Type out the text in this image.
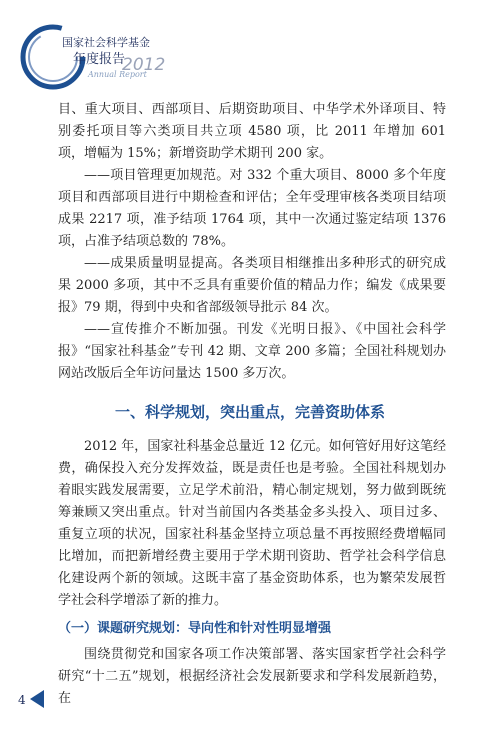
国家社会科学基金
年度报告
2012
Annual Report

目、重大项目、西部项目、后期资助项目、中华学术外译项目、特别委托项目等六类项目共立项 4580 项，比 2011 年增加 601 项，增幅为 15%；新增资助学术期刊 200 家。

——项目管理更加规范。对 332 个重大项目、8000 多个年度项目和西部项目进行中期检查和评估；全年受理审核各类项目结项成果 2217 项，准予结项 1764 项，其中一次通过鉴定结项 1376 项，占准予结项总数的 78%。

——成果质量明显提高。各类项目相继推出多种形式的研究成果 2000 多项，其中不乏具有重要价值的精品力作；编发《成果要报》79 期，得到中央和省部级领导批示 84 次。

——宣传推介不断加强。刊发《光明日报》、《中国社会科学报》“国家社科基金”专刊 42 期、文章 200 多篇；全国社科规划办网站改版后全年访问量达 1500 多万次。

一、科学规划，突出重点，完善资助体系

2012 年，国家社科基金总量近 12 亿元。如何管好用好这笔经费，确保投入充分发挥效益，既是责任也是考验。全国社科规划办着眼实践发展需要，立足学术前沿，精心制定规划，努力做到既统筹兼顾又突出重点。针对当前国内各类基金多头投入、项目过多、重复立项的状况，国家社科基金坚持立项总量不再按照经费增幅同比增加，而把新增经费主要用于学术期刊资助、哲学社会科学信息化建设两个新的领域。这既丰富了基金资助体系，也为繁荣发展哲学社会科学增添了新的推力。

（一）课题研究规划：导向性和针对性明显增强

围绕贯彻党和国家各项工作决策部署、落实国家哲学社会科学研究“十二五”规划，根据经济社会发展新要求和学科发展新趋势，在

4
